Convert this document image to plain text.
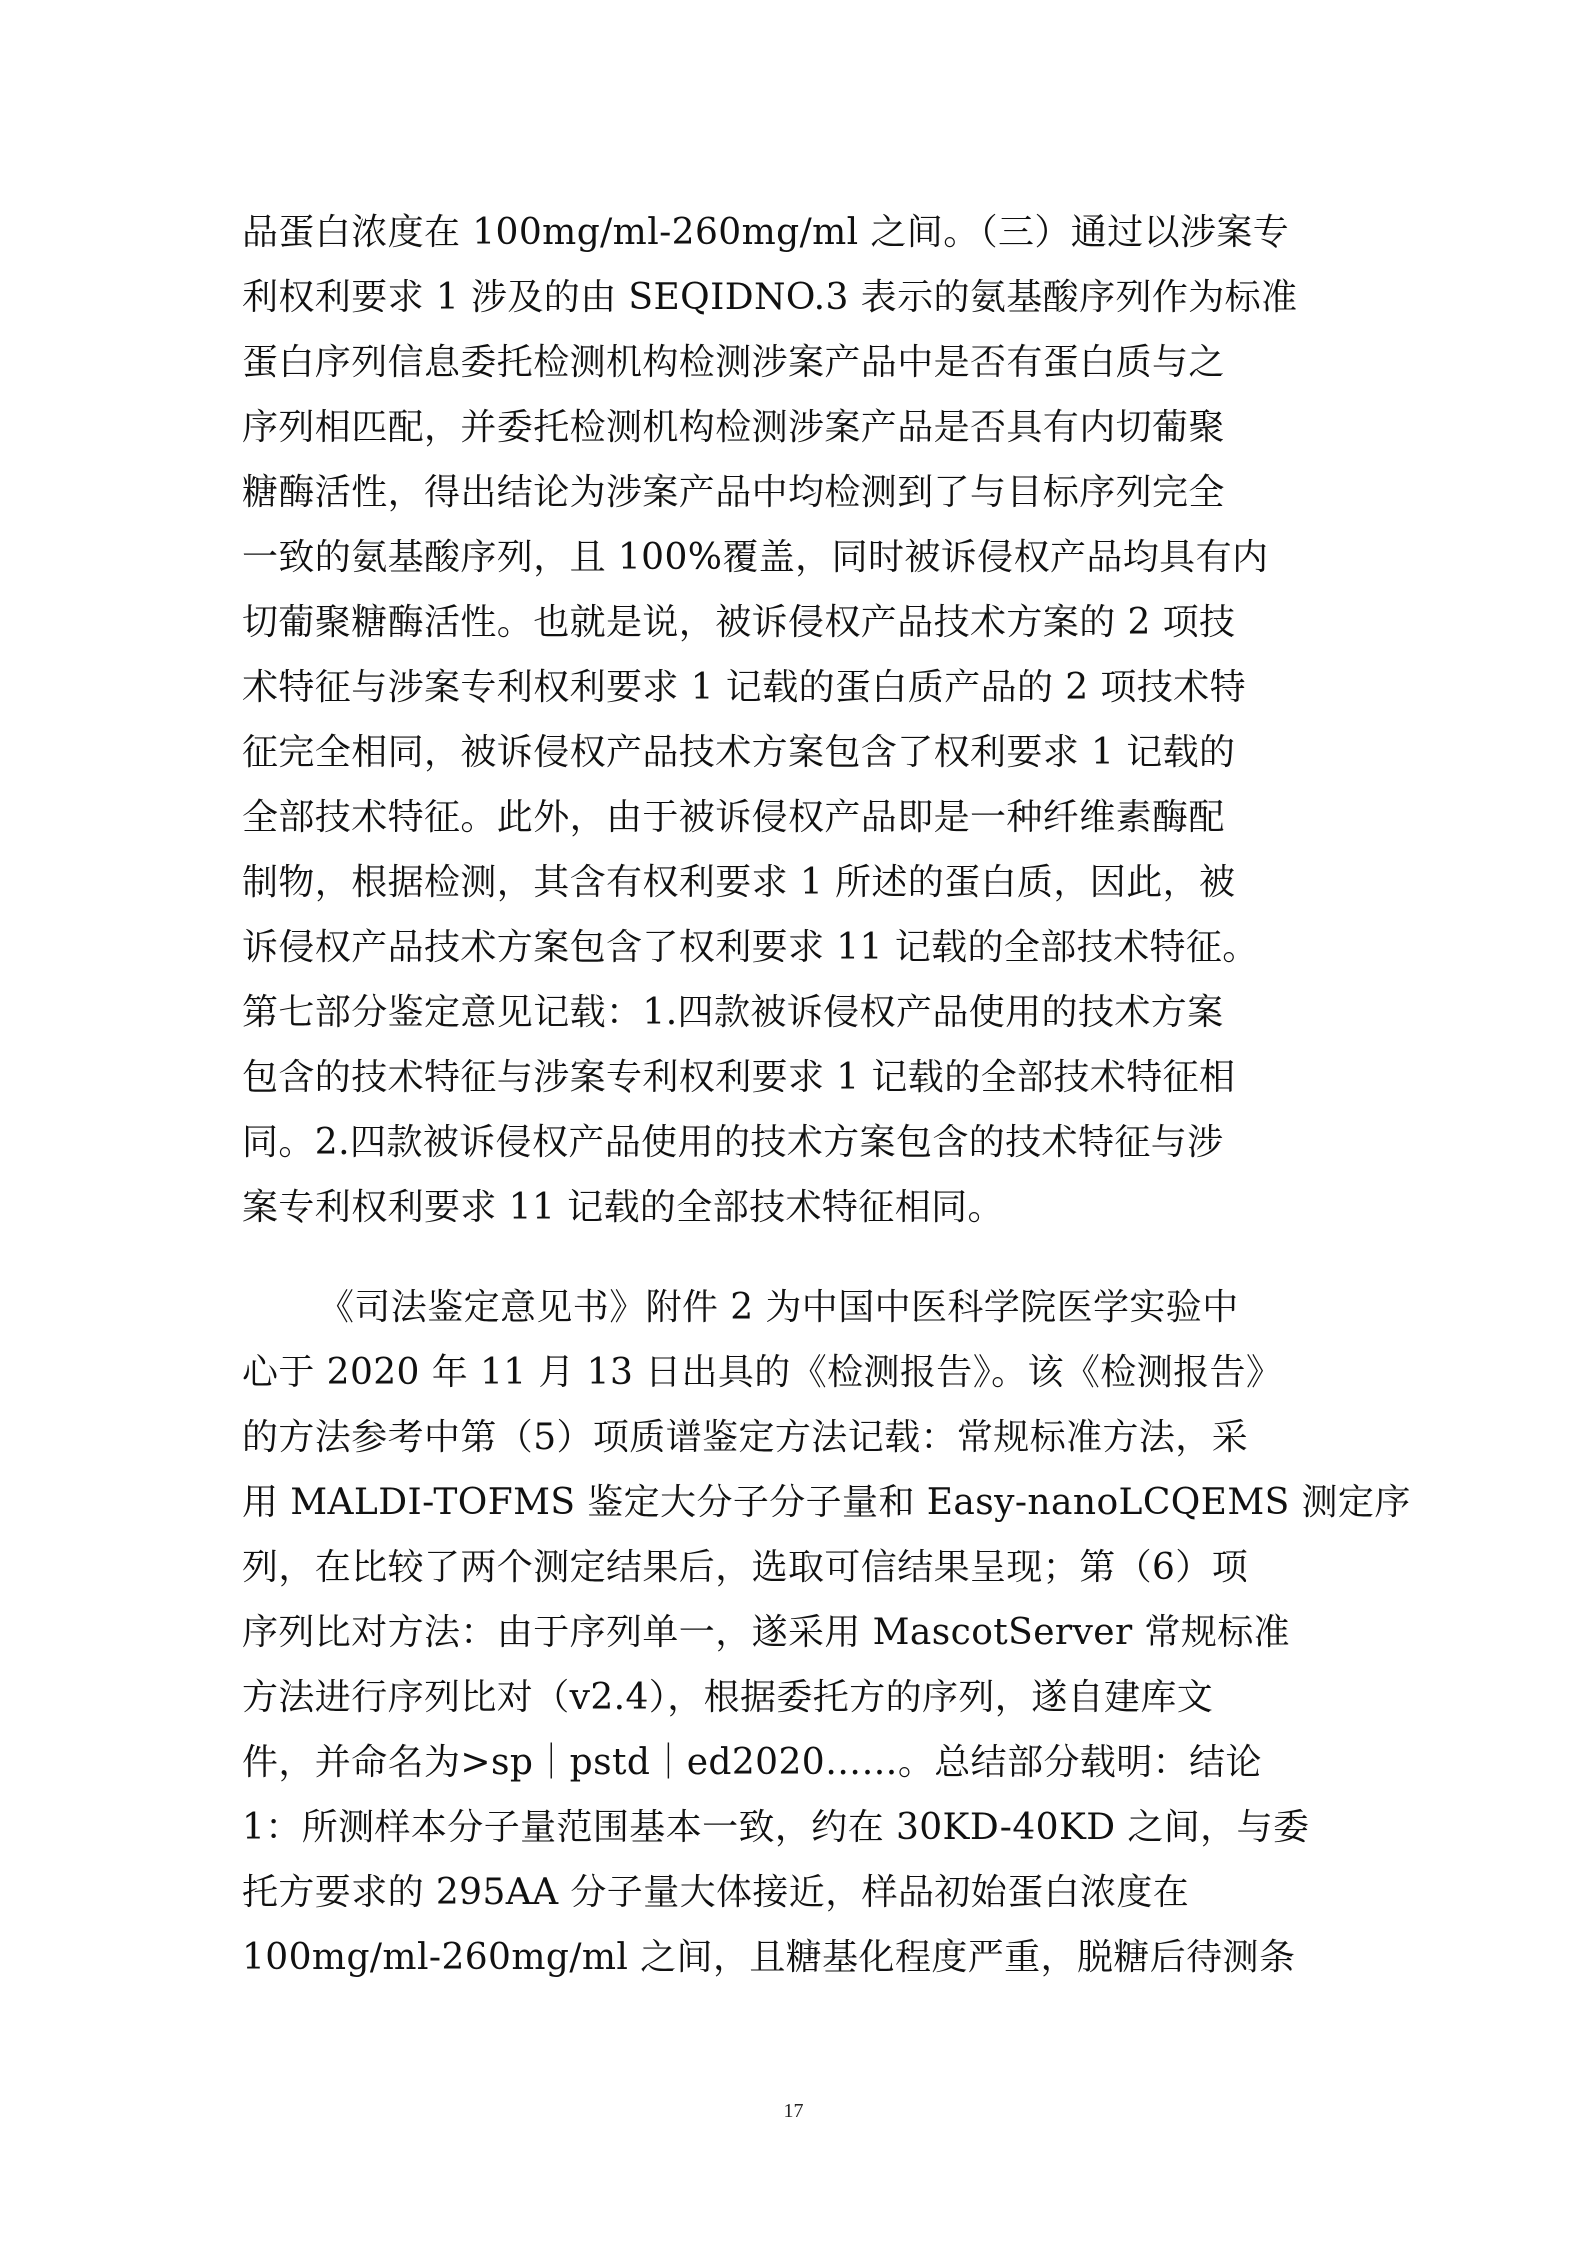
品蛋白浓度在 100mg/ml-260mg/ml 之间。（三）通过以涉案专
利权利要求 1 涉及的由 SEQIDNO.3 表示的氨基酸序列作为标准
蛋白序列信息委托检测机构检测涉案产品中是否有蛋白质与之
序列相匹配，并委托检测机构检测涉案产品是否具有内切葡聚
糖酶活性，得出结论为涉案产品中均检测到了与目标序列完全
一致的氨基酸序列，且 100%覆盖，同时被诉侵权产品均具有内
切葡聚糖酶活性。也就是说，被诉侵权产品技术方案的 2 项技
术特征与涉案专利权利要求 1 记载的蛋白质产品的 2 项技术特
征完全相同，被诉侵权产品技术方案包含了权利要求 1 记载的
全部技术特征。此外，由于被诉侵权产品即是一种纤维素酶配
制物，根据检测，其含有权利要求 1 所述的蛋白质，因此，被
诉侵权产品技术方案包含了权利要求 11 记载的全部技术特征。
第七部分鉴定意见记载：1.四款被诉侵权产品使用的技术方案
包含的技术特征与涉案专利权利要求 1 记载的全部技术特征相
同。2.四款被诉侵权产品使用的技术方案包含的技术特征与涉
案专利权利要求 11 记载的全部技术特征相同。
《司法鉴定意见书》附件 2 为中国中医科学院医学实验中
心于 2020 年 11 月 13 日出具的《检测报告》。该《检测报告》
的方法参考中第（5）项质谱鉴定方法记载：常规标准方法，采
用 MALDI-TOFMS 鉴定大分子分子量和 Easy-nanoLCQEMS 测定序
列，在比较了两个测定结果后，选取可信结果呈现；第（6）项
序列比对方法：由于序列单一，遂采用 MascotServer 常规标准
方法进行序列比对（v2.4），根据委托方的序列，遂自建库文
件，并命名为>sp｜pstd｜ed2020……。总结部分载明：结论
1：所测样本分子量范围基本一致，约在 30KD-40KD 之间，与委
托方要求的 295AA 分子量大体接近，样品初始蛋白浓度在
100mg/ml-260mg/ml 之间，且糖基化程度严重，脱糖后待测条
17
